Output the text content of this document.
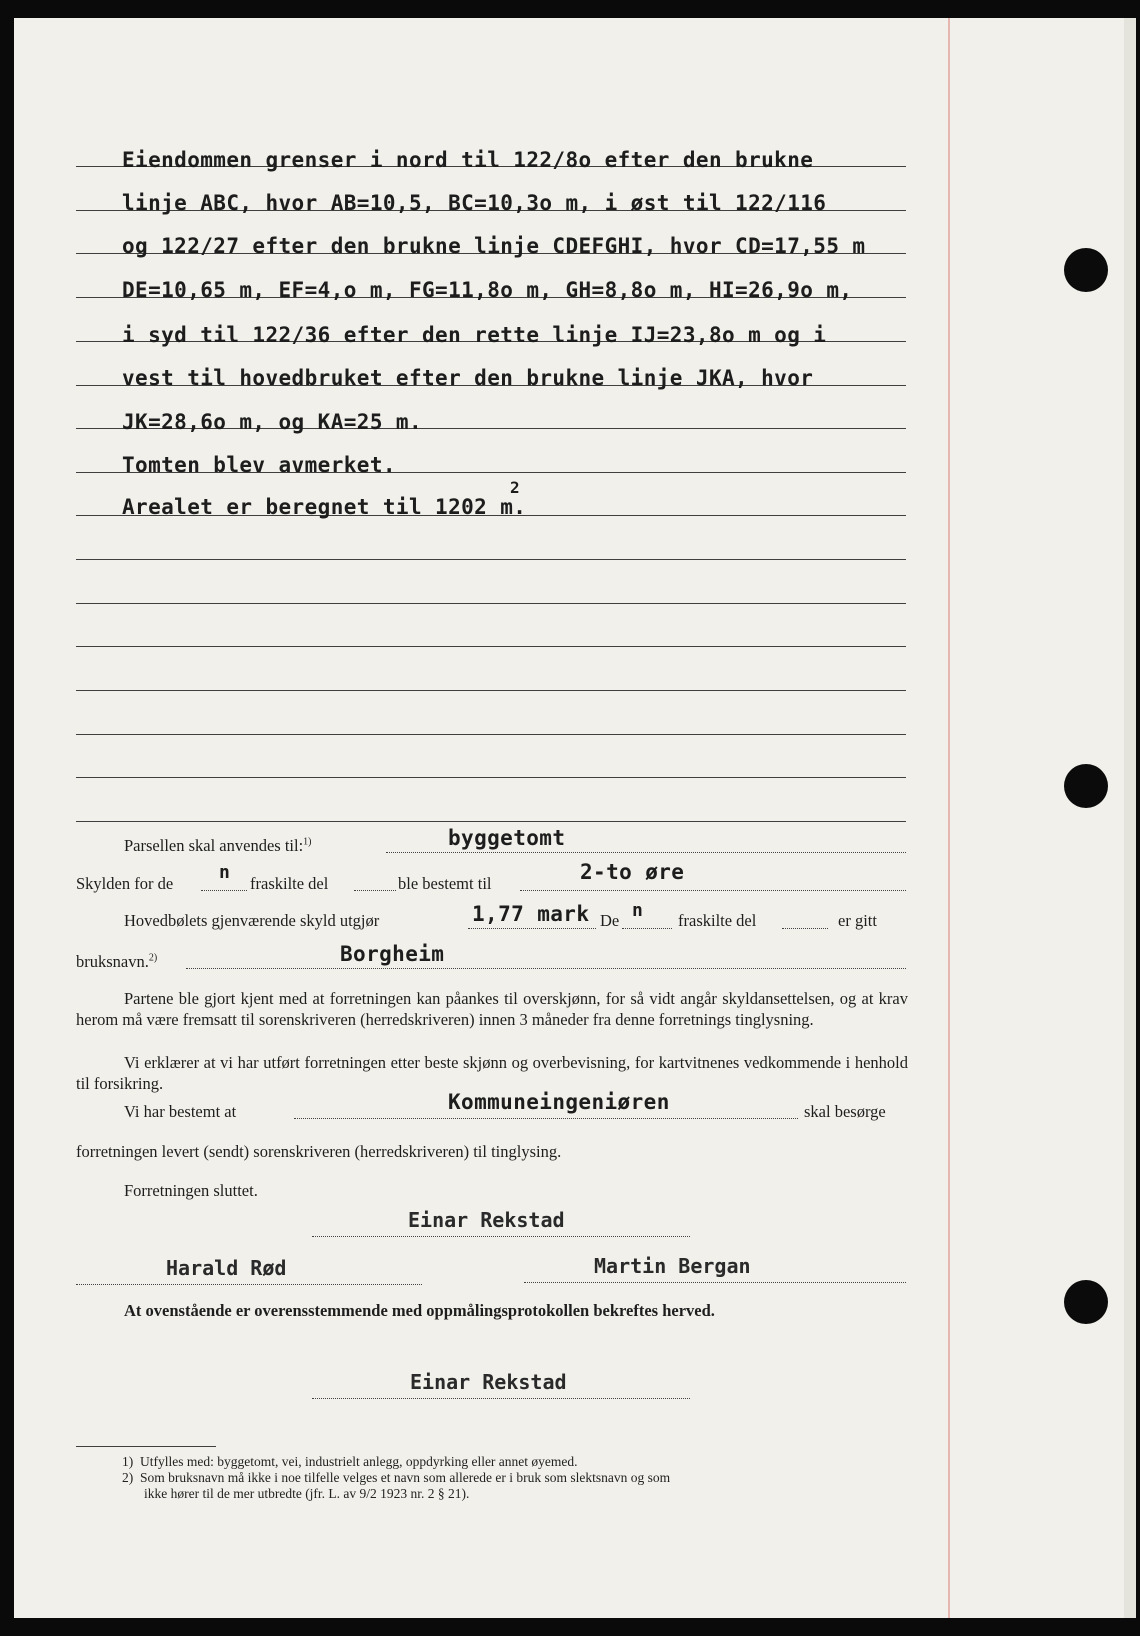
Eiendommen grenser i nord til 122/8o efter den brukne
linje ABC, hvor AB=10,5, BC=10,3o m, i øst til 122/116
og 122/27 efter den brukne linje CDEFGHI, hvor CD=17,55 m
DE=10,65 m, EF=4,o m, FG=11,8o m, GH=8,8o m, HI=26,9o m,
i syd til 122/36 efter den rette linje IJ=23,8o m og i
vest til hovedbruket efter den brukne linje JKA, hvor
JK=28,6o m, og KA=25 m.
Tomten blev avmerket.
Arealet er beregnet til 1202 m.
2
Parsellen skal anvendes til:$^{1)}$	byggetomt
Skylden for de
n
fraskilte del	ble bestemt til	2-to øre
Hovedbølets gjenværende skyld utgjør	1,77 mark De n fraskilte del	er gitt
bruksnavn.$^{2)}$	Borgheim
Partene ble gjort kjent med at forretningen kan påankes til overskjønn, for så vidt angår skyldansettelsen, og at krav herom må være fremsatt til sorenskriveren (herredskriveren) innen 3 måneder fra denne forretnings tinglysning.
Vi erklærer at vi har utført forretningen etter beste skjønn og overbevisning, for kartvitnenes vedkommende i henhold til forsikring.
Vi har bestemt at	Kommuneingeniøren	skal besørge
forretningen levert (sendt) sorenskriveren (herredskriveren) til tinglysing.
Forretningen sluttet.
Einar Rekstad
Harald Rød	Martin Bergan
At ovenstående er overensstemmende med oppmålingsprotokollen bekreftes herved.
Einar Rekstad
1) Utfylles med: byggetomt, vei, industrielt anlegg, oppdyrking eller annet øyemed.
2) Som bruksnavn må ikke i noe tilfelle velges et navn som allerede er i bruk som slektsnavn og som
ikke hører til de mer utbredte (jfr. L. av 9/2 1923 nr. 2 § 21).
